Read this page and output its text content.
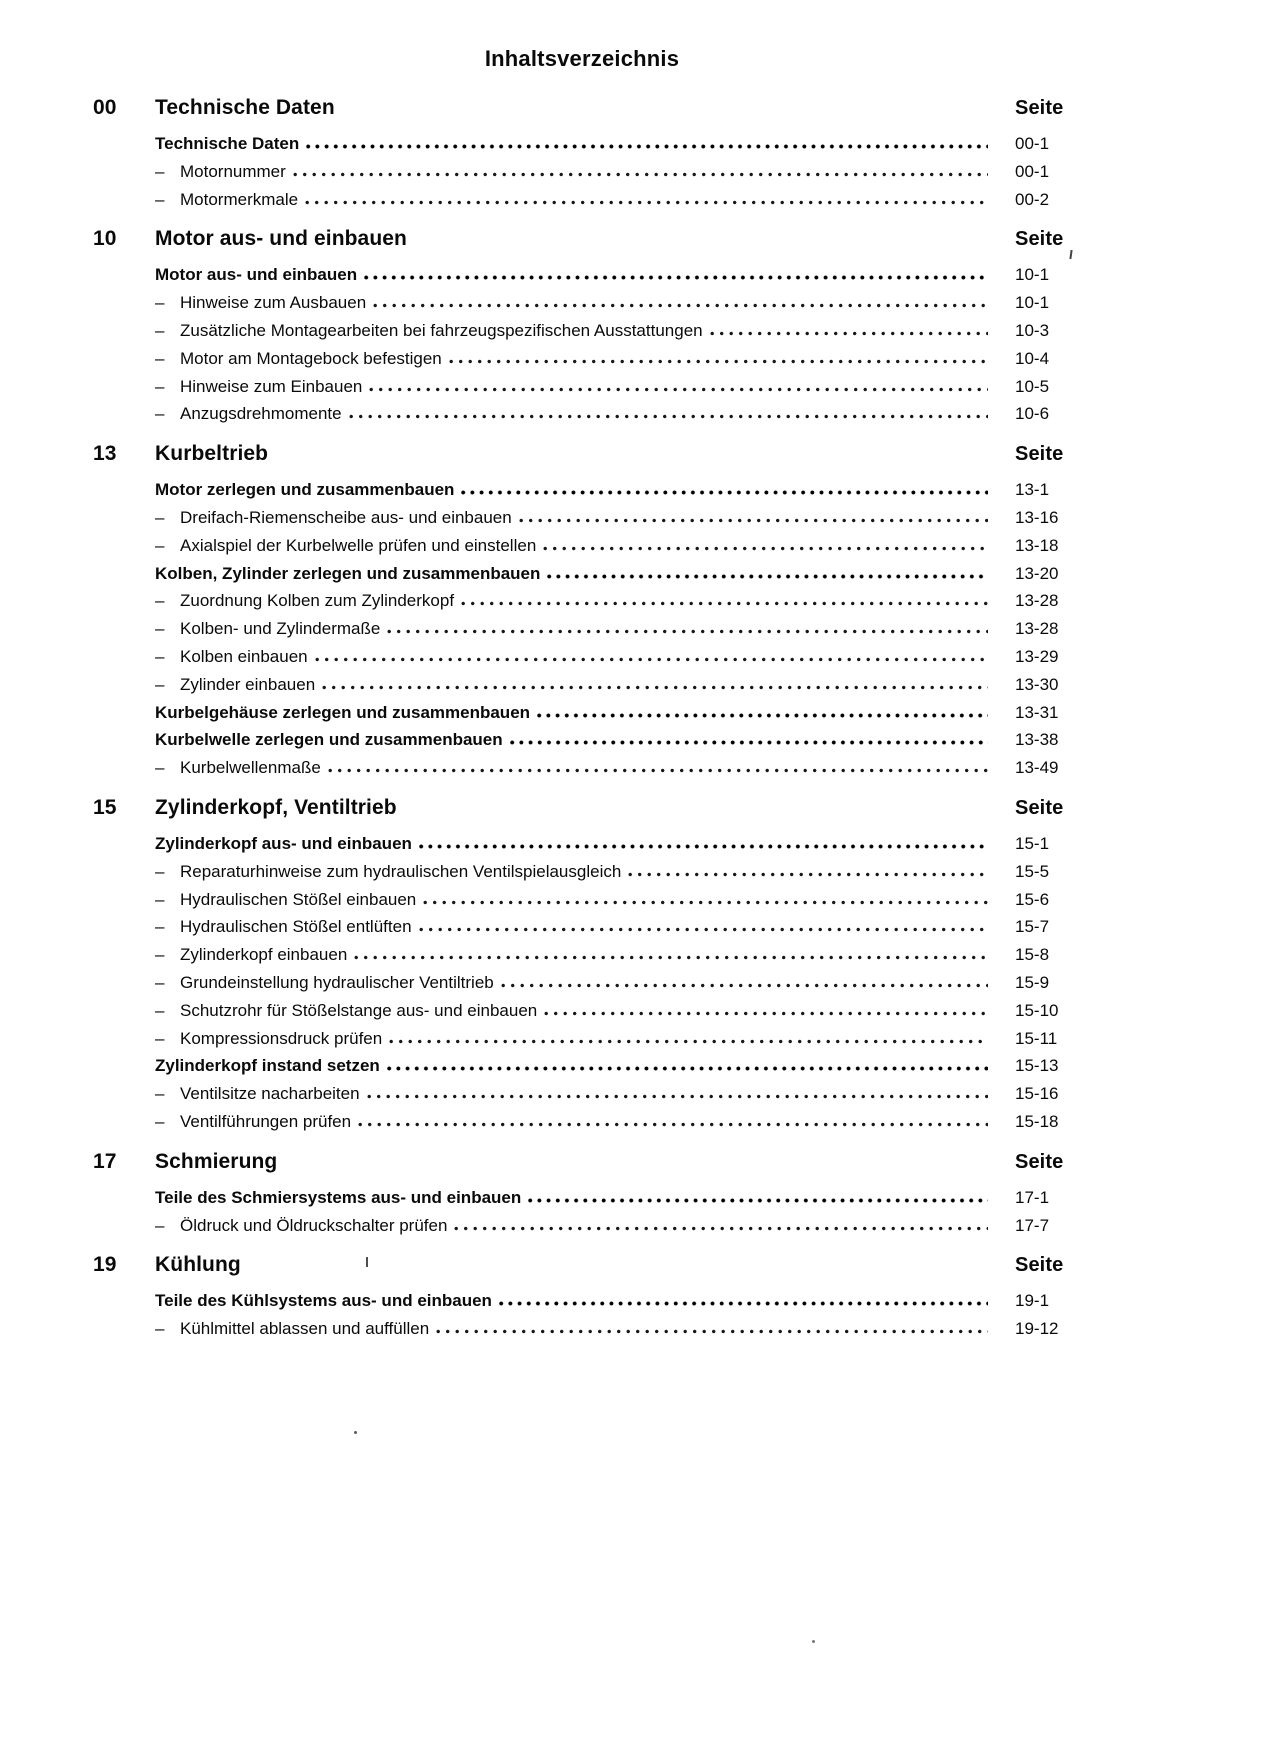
Inhaltsverzeichnis
00	Technische Daten	Seite
Technische Daten	00-1
– Motornummer	00-1
– Motormerkmale	00-2
10	Motor aus- und einbauen	Seite
Motor aus- und einbauen	10-1
– Hinweise zum Ausbauen	10-1
– Zusätzliche Montagearbeiten bei fahrzeugspezifischen Ausstattungen	10-3
– Motor am Montagebock befestigen	10-4
– Hinweise zum Einbauen	10-5
– Anzugsdrehmomente	10-6
13	Kurbeltrieb	Seite
Motor zerlegen und zusammenbauen	13-1
– Dreifach-Riemenscheibe aus- und einbauen	13-16
– Axialspiel der Kurbelwelle prüfen und einstellen	13-18
Kolben, Zylinder zerlegen und zusammenbauen	13-20
– Zuordnung Kolben zum Zylinderkopf	13-28
– Kolben- und Zylindermaße	13-28
– Kolben einbauen	13-29
– Zylinder einbauen	13-30
Kurbelgehäuse zerlegen und zusammenbauen	13-31
Kurbelwelle zerlegen und zusammenbauen	13-38
– Kurbelwellenmaße	13-49
15	Zylinderkopf, Ventiltrieb	Seite
Zylinderkopf aus- und einbauen	15-1
– Reparaturhinweise zum hydraulischen Ventilspielausgleich	15-5
– Hydraulischen Stößel einbauen	15-6
– Hydraulischen Stößel entlüften	15-7
– Zylinderkopf einbauen	15-8
– Grundeinstellung hydraulischer Ventiltrieb	15-9
– Schutzrohr für Stößelstange aus- und einbauen	15-10
– Kompressionsdruck prüfen	15-11
Zylinderkopf instand setzen	15-13
– Ventilsitze nacharbeiten	15-16
– Ventilführungen prüfen	15-18
17	Schmierung	Seite
Teile des Schmiersystems aus- und einbauen	17-1
– Öldruck und Öldruckschalter prüfen	17-7
19	Kühlung	Seite
Teile des Kühlsystems aus- und einbauen	19-1
– Kühlmittel ablassen und auffüllen	19-12
